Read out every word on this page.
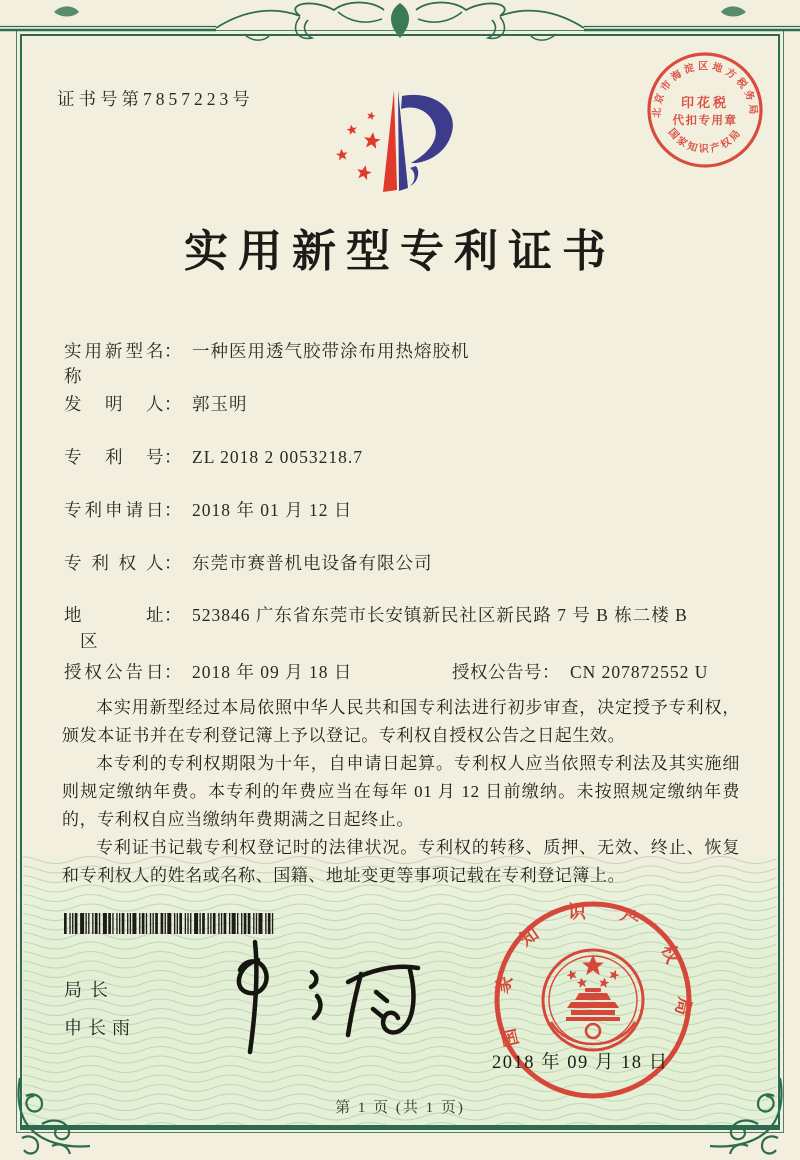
证书号第7857223号
北京市海淀区地方税务局
印花税
代扣专用章
国家知识产权局
实用新型专利证书
实用新型名称： 一种医用透气胶带涂布用热熔胶机
发明人： 郭玉明
专利号： ZL 2018 2 0053218.7
专利申请日： 2018 年 01 月 12 日
专利权人： 东莞市赛普机电设备有限公司
地址： 523846 广东省东莞市长安镇新民社区新民路 7 号 B 栋二楼 B
区
授权公告日： 2018 年 09 月 18 日	授权公告号： CN 207872552 U

本实用新型经过本局依照中华人民共和国专利法进行初步审查，决定授予专利权，颁发本证书并在专利登记簿上予以登记。专利权自授权公告之日起生效。

本专利的专利权期限为十年，自申请日起算。专利权人应当依照专利法及其实施细则规定缴纳年费。本专利的年费应当在每年 01 月 12 日前缴纳。未按照规定缴纳年费的，专利权自应当缴纳年费期满之日起终止。

专利证书记载专利权登记时的法律状况。专利权的转移、质押、无效、终止、恢复和专利权人的姓名或名称、国籍、地址变更等事项记载在专利登记簿上。

局长
申长雨	国家知识产权局
2018 年 09 月 18 日
第 1 页 (共 1 页)
